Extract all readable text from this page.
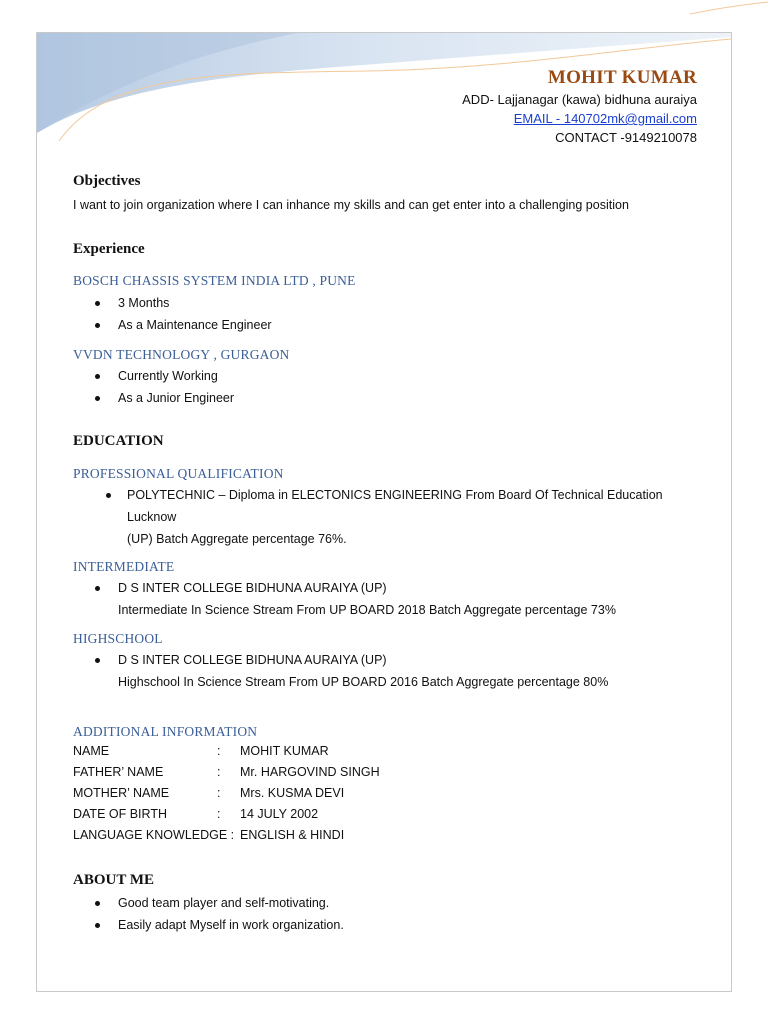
MOHIT KUMAR
ADD- Lajjanagar (kawa) bidhuna auraiya
EMAIL - 140702mk@gmail.com
CONTACT -9149210078
Objectives
I want to join organization where I can inhance my skills and can get enter into a challenging position
Experience
BOSCH CHASSIS SYSTEM INDIA LTD , PUNE
3 Months
As a Maintenance Engineer
VVDN TECHNOLOGY , GURGAON
Currently Working
As a Junior Engineer
EDUCATION
PROFESSIONAL QUALIFICATION
POLYTECHNIC – Diploma in ELECTONICS ENGINEERING From Board Of Technical Education Lucknow
(UP) Batch Aggregate percentage 76%.
INTERMEDIATE
D S INTER COLLEGE BIDHUNA AURAIYA (UP)
Intermediate In Science Stream From UP BOARD 2018 Batch Aggregate percentage 73%
HIGHSCHOOL
D S INTER COLLEGE BIDHUNA AURAIYA (UP)
Highschool In Science Stream From UP BOARD 2016 Batch Aggregate percentage 80%
ADDITIONAL INFORMATION
NAME	: MOHIT KUMAR
FATHER’ NAME	: Mr. HARGOVIND SINGH
MOTHER’ NAME	: Mrs. KUSMA DEVI
DATE OF BIRTH	: 14 JULY 2002
LANGUAGE KNOWLEDGE : ENGLISH & HINDI
ABOUT ME
Good team player and self-motivating.
Easily adapt Myself in work organization.
